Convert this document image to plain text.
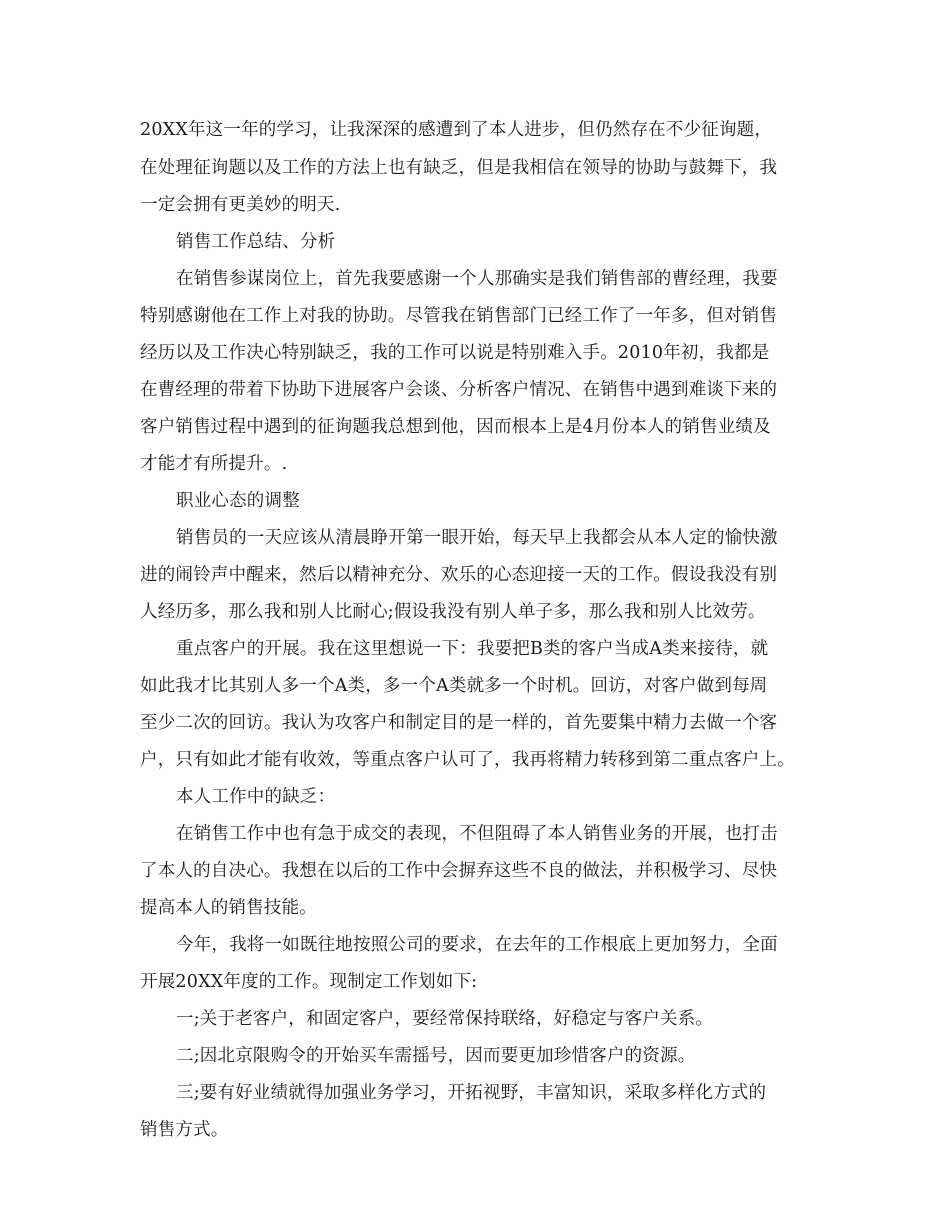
20XX年这一年的学习，让我深深的感遭到了本人进步，但仍然存在不少征询题，
在处理征询题以及工作的方法上也有缺乏，但是我相信在领导的协助与鼓舞下，我
一定会拥有更美妙的明天.
销售工作总结、分析
在销售参谋岗位上，首先我要感谢一个人那确实是我们销售部的曹经理，我要
特别感谢他在工作上对我的协助。尽管我在销售部门已经工作了一年多，但对销售
经历以及工作决心特别缺乏，我的工作可以说是特别难入手。2010年初，我都是
在曹经理的带着下协助下进展客户会谈、分析客户情况、在销售中遇到难谈下来的
客户销售过程中遇到的征询题我总想到他，因而根本上是4月份本人的销售业绩及
才能才有所提升。.
职业心态的调整
销售员的一天应该从清晨睁开第一眼开始，每天早上我都会从本人定的愉快激
进的闹铃声中醒来，然后以精神充分、欢乐的心态迎接一天的工作。假设我没有别
人经历多，那么我和别人比耐心;假设我没有别人单子多，那么我和别人比效劳。
重点客户的开展。我在这里想说一下：我要把B类的客户当成A类来接待，就
如此我才比其别人多一个A类，多一个A类就多一个时机。回访，对客户做到每周
至少二次的回访。我认为攻客户和制定目的是一样的，首先要集中精力去做一个客
户，只有如此才能有收效，等重点客户认可了，我再将精力转移到第二重点客户上。
本人工作中的缺乏：
在销售工作中也有急于成交的表现，不但阻碍了本人销售业务的开展，也打击
了本人的自决心。我想在以后的工作中会摒弃这些不良的做法，并积极学习、尽快
提高本人的销售技能。
今年，我将一如既往地按照公司的要求，在去年的工作根底上更加努力，全面
开展20XX年度的工作。现制定工作划如下:
一;关于老客户，和固定客户，要经常保持联络，好稳定与客户关系。
二;因北京限购令的开始买车需摇号，因而要更加珍惜客户的资源。
三;要有好业绩就得加强业务学习，开拓视野，丰富知识，采取多样化方式的
销售方式。
